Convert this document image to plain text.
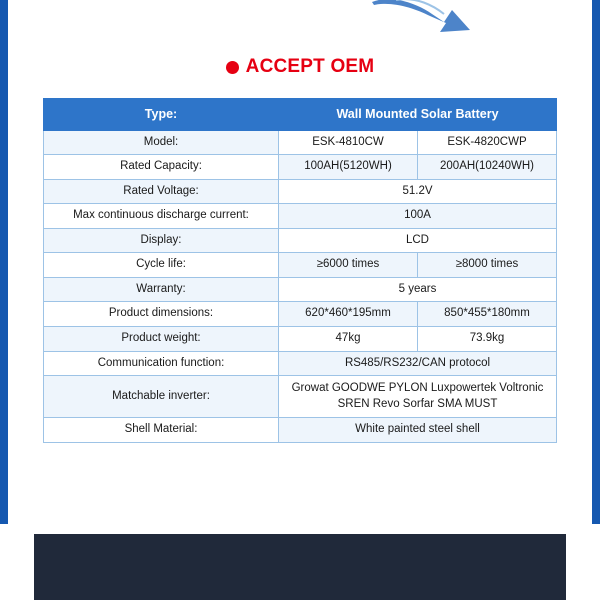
ACCEPT OEM
Type:	Wall Mounted Solar Battery	
Model:	ESK-4810CW	ESK-4820CWP
Rated Capacity:	100AH(5120WH)	200AH(10240WH)
Rated Voltage:	51.2V	
Max continuous discharge current:	100A	
Display:	LCD	
Cycle life:	≥6000 times	≥8000 times
Warranty:	5 years	
Product dimensions:	620*460*195mm	850*455*180mm
Product weight:	47kg	73.9kg
Communication function:	RS485/RS232/CAN protocol	
Matchable inverter:	Growat GOODWE PYLON Luxpowertek Voltronic SREN Revo Sorfar SMA MUST	
Shell Material:	White painted steel shell	
